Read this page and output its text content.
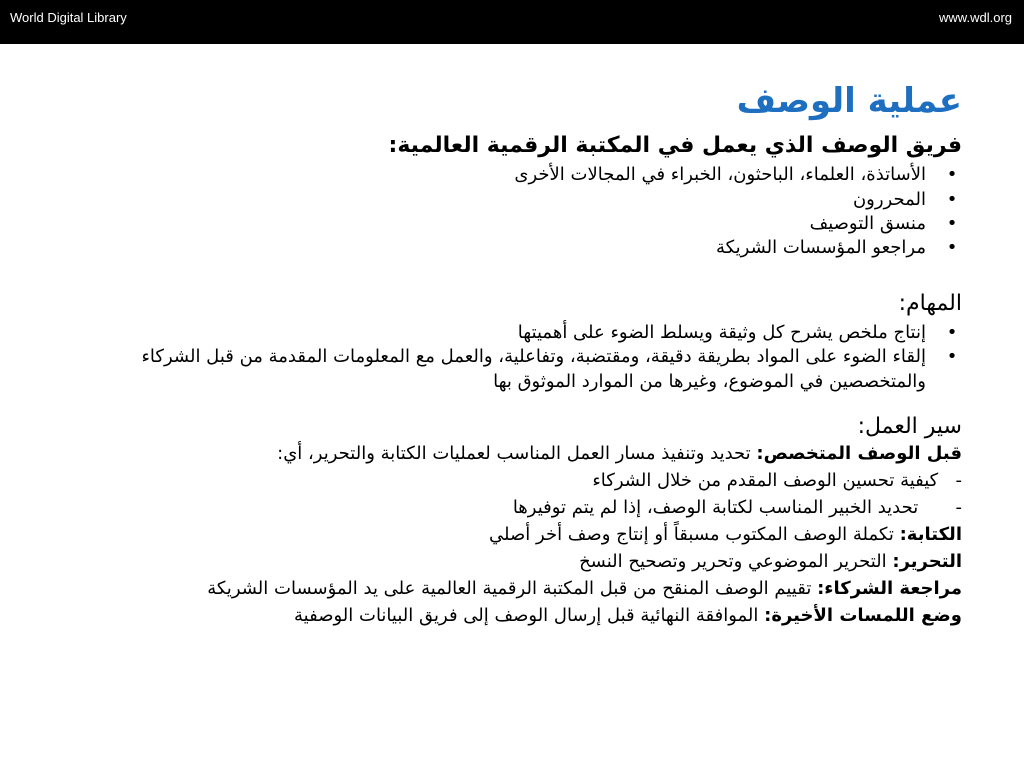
World Digital Library	www.wdl.org
عملية الوصف
فريق الوصف الذي يعمل في المكتبة الرقمية العالمية:
•
الأساتذة، العلماء، الباحثون، الخبراء في المجالات الأخرى
•
المحررون
•
منسق التوصيف
•
مراجعو المؤسسات الشريكة
المهام:
•
إنتاج ملخص يشرح كل وثيقة ويسلط الضوء على أهميتها
•
إلقاء الضوء على المواد بطريقة دقيقة، ومقتضبة، وتفاعلية، والعمل مع المعلومات المقدمة من قبل الشركاء والمتخصصين في الموضوع، وغيرها من الموارد الموثوق بها
سير العمل:

قبل الوصف المتخصص: تحديد وتنفيذ مسار العمل المناسب لعمليات الكتابة والتحرير، أي:

- كيفية تحسين الوصف المقدم من خلال الشركاء

- تحديد الخبير المناسب لكتابة الوصف، إذا لم يتم توفيرها

الكتابة: تكملة الوصف المكتوب مسبقاً أو إنتاج وصف أخر أصلي

التحرير: التحرير الموضوعي وتحرير وتصحيح النسخ

مراجعة الشركاء: تقييم الوصف المنقح من قبل المكتبة الرقمية العالمية على يد المؤسسات الشريكة

وضع اللمسات الأخيرة: الموافقة النهائية قبل إرسال الوصف إلى فريق البيانات الوصفية
